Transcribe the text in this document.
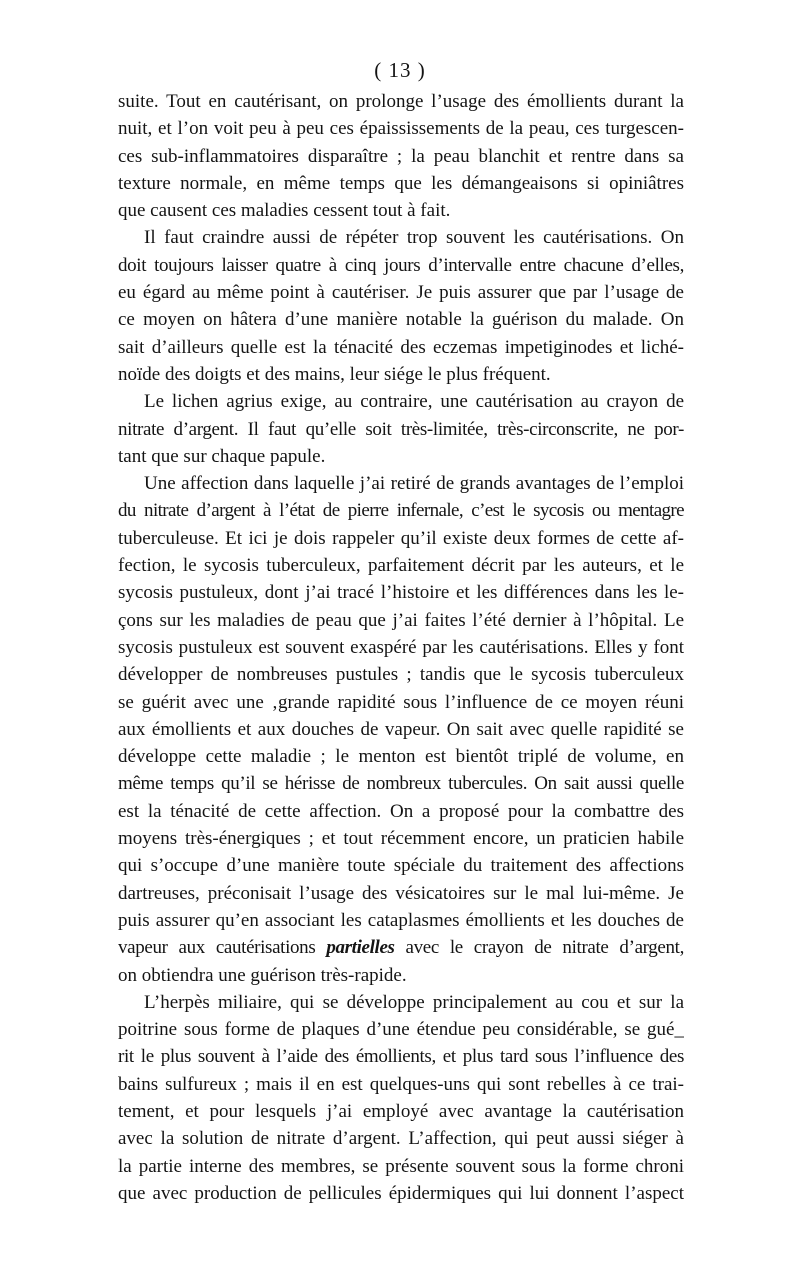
( 13 )
suite. Tout en cautérisant, on prolonge l’usage des émollients durant la
nuit, et l’on voit peu à peu ces épaississements de la peau, ces turgescen-
ces sub-inflammatoires disparaître ; la peau blanchit et rentre dans sa
texture normale, en même temps que les démangeaisons si opiniâtres
que causent ces maladies cessent tout à fait.
Il faut craindre aussi de répéter trop souvent les cautérisations. On
doit toujours laisser quatre à cinq jours d’intervalle entre chacune d’elles,
eu égard au même point à cautériser. Je puis assurer que par l’usage de
ce moyen on hâtera d’une manière notable la guérison du malade. On
sait d’ailleurs quelle est la ténacité des eczemas impetiginodes et liché-
noïde des doigts et des mains, leur siége le plus fréquent.
Le lichen agrius exige, au contraire, une cautérisation au crayon de
nitrate d’argent. Il faut qu’elle soit très-limitée, très-circonscrite, ne por-
tant que sur chaque papule.
Une affection dans laquelle j’ai retiré de grands avantages de l’emploi
du nitrate d’argent à l’état de pierre infernale, c’est le sycosis ou mentagre
tuberculeuse. Et ici je dois rappeler qu’il existe deux formes de cette af-
fection, le sycosis tuberculeux, parfaitement décrit par les auteurs, et le
sycosis pustuleux, dont j’ai tracé l’histoire et les différences dans les le-
çons sur les maladies de peau que j’ai faites l’été dernier à l’hôpital. Le
sycosis pustuleux est souvent exaspéré par les cautérisations. Elles y font
développer de nombreuses pustules ; tandis que le sycosis tuberculeux
se guérit avec une ‚grande rapidité sous l’influence de ce moyen réuni
aux émollients et aux douches de vapeur. On sait avec quelle rapidité se
développe cette maladie ; le menton est bientôt triplé de volume, en
même temps qu’il se hérisse de nombreux tubercules. On sait aussi quelle
est la ténacité de cette affection. On a proposé pour la combattre des
moyens très-énergiques ; et tout récemment encore, un praticien habile
qui s’occupe d’une manière toute spéciale du traitement des affections
dartreuses, préconisait l’usage des vésicatoires sur le mal lui-même. Je
puis assurer qu’en associant les cataplasmes émollients et les douches de
vapeur aux cautérisations partielles avec le crayon de nitrate d’argent,
on obtiendra une guérison très-rapide.
L’herpès miliaire, qui se développe principalement au cou et sur la
poitrine sous forme de plaques d’une étendue peu considérable, se gué_
rit le plus souvent à l’aide des émollients, et plus tard sous l’influence des
bains sulfureux ; mais il en est quelques-uns qui sont rebelles à ce trai-
tement, et pour lesquels j’ai employé avec avantage la cautérisation
avec la solution de nitrate d’argent. L’affection, qui peut aussi siéger à
la partie interne des membres, se présente souvent sous la forme chroni
que avec production de pellicules épidermiques qui lui donnent l’aspect
